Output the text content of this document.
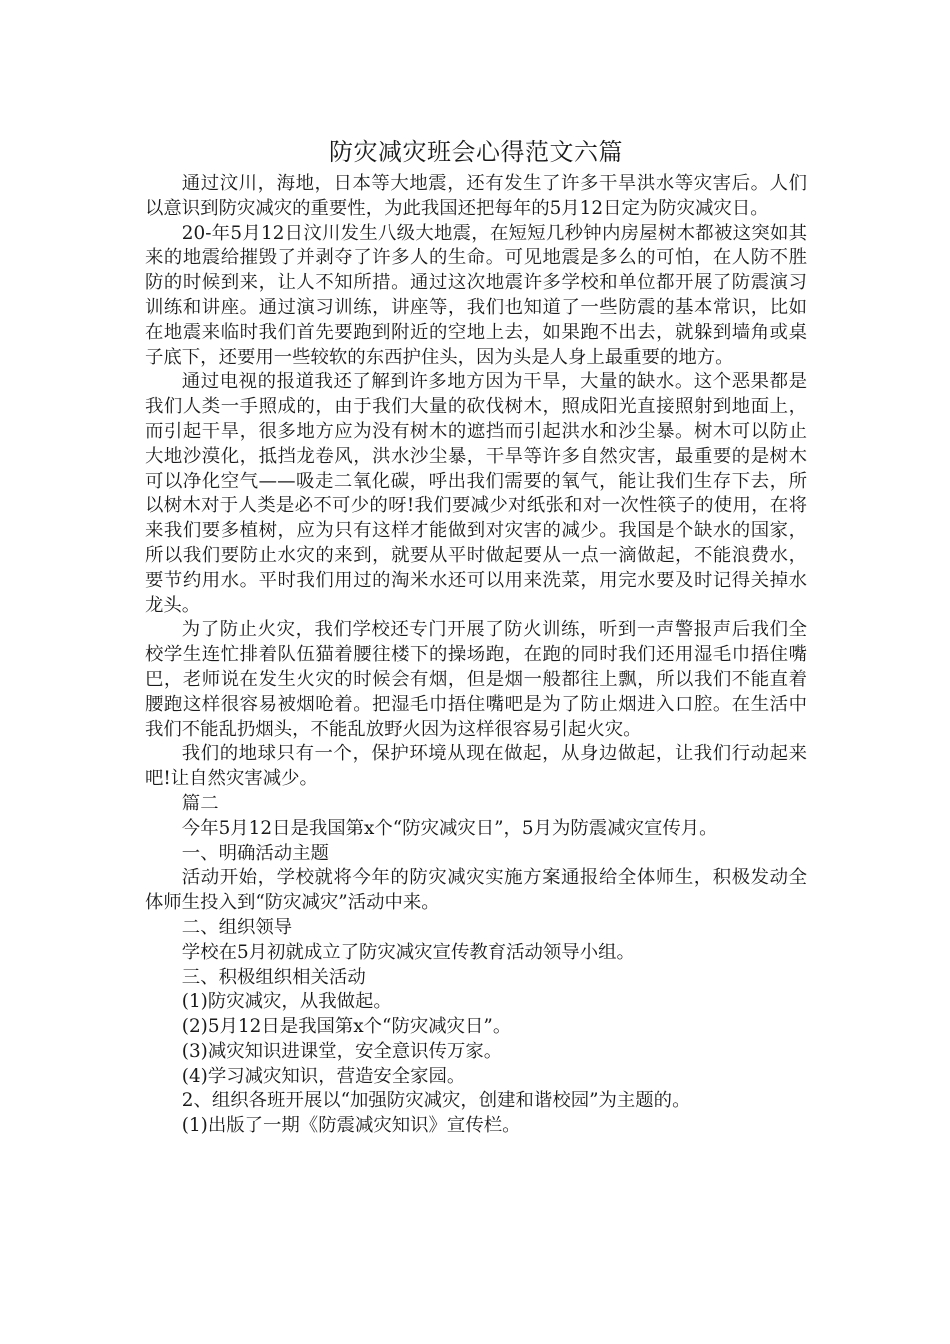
防灾减灾班会心得范文六篇

通过汶川，海地，日本等大地震，还有发生了许多干旱洪水等灾害后。人们以意识到防灾减灾的重要性，为此我国还把每年的5月12日定为防灾减灾日。

20-年5月12日汶川发生八级大地震，在短短几秒钟内房屋树木都被这突如其来的地震给摧毁了并剥夺了许多人的生命。可见地震是多么的可怕，在人防不胜防的时候到来，让人不知所措。通过这次地震许多学校和单位都开展了防震演习训练和讲座。通过演习训练，讲座等，我们也知道了一些防震的基本常识，比如在地震来临时我们首先要跑到附近的空地上去，如果跑不出去，就躲到墙角或桌子底下，还要用一些较软的东西护住头，因为头是人身上最重要的地方。

通过电视的报道我还了解到许多地方因为干旱，大量的缺水。这个恶果都是我们人类一手照成的，由于我们大量的砍伐树木，照成阳光直接照射到地面上，而引起干旱，很多地方应为没有树木的遮挡而引起洪水和沙尘暴。树木可以防止大地沙漠化，抵挡龙卷风，洪水沙尘暴，干旱等许多自然灾害，最重要的是树木可以净化空气——吸走二氧化碳，呼出我们需要的氧气，能让我们生存下去，所以树木对于人类是必不可少的呀!我们要减少对纸张和对一次性筷子的使用，在将来我们要多植树，应为只有这样才能做到对灾害的减少。我国是个缺水的国家，所以我们要防止水灾的来到，就要从平时做起要从一点一滴做起，不能浪费水，要节约用水。平时我们用过的淘米水还可以用来洗菜，用完水要及时记得关掉水龙头。

为了防止火灾，我们学校还专门开展了防火训练，听到一声警报声后我们全校学生连忙排着队伍猫着腰往楼下的操场跑，在跑的同时我们还用湿毛巾捂住嘴巴，老师说在发生火灾的时候会有烟，但是烟一般都往上飘，所以我们不能直着腰跑这样很容易被烟呛着。把湿毛巾捂住嘴吧是为了防止烟进入口腔。在生活中我们不能乱扔烟头，不能乱放野火因为这样很容易引起火灾。

我们的地球只有一个，保护环境从现在做起，从身边做起，让我们行动起来吧!让自然灾害减少。

篇二

今年5月12日是我国第x个“防灾减灾日”，5月为防震减灾宣传月。

一、明确活动主题

活动开始，学校就将今年的防灾减灾实施方案通报给全体师生，积极发动全体师生投入到“防灾减灾”活动中来。

二、组织领导

学校在5月初就成立了防灾减灾宣传教育活动领导小组。

三、积极组织相关活动

(1)防灾减灾，从我做起。

(2)5月12日是我国第x个“防灾减灾日”。

(3)减灾知识进课堂，安全意识传万家。

(4)学习减灾知识，营造安全家园。

2、组织各班开展以“加强防灾减灾，创建和谐校园”为主题的。

(1)出版了一期《防震减灾知识》宣传栏。
